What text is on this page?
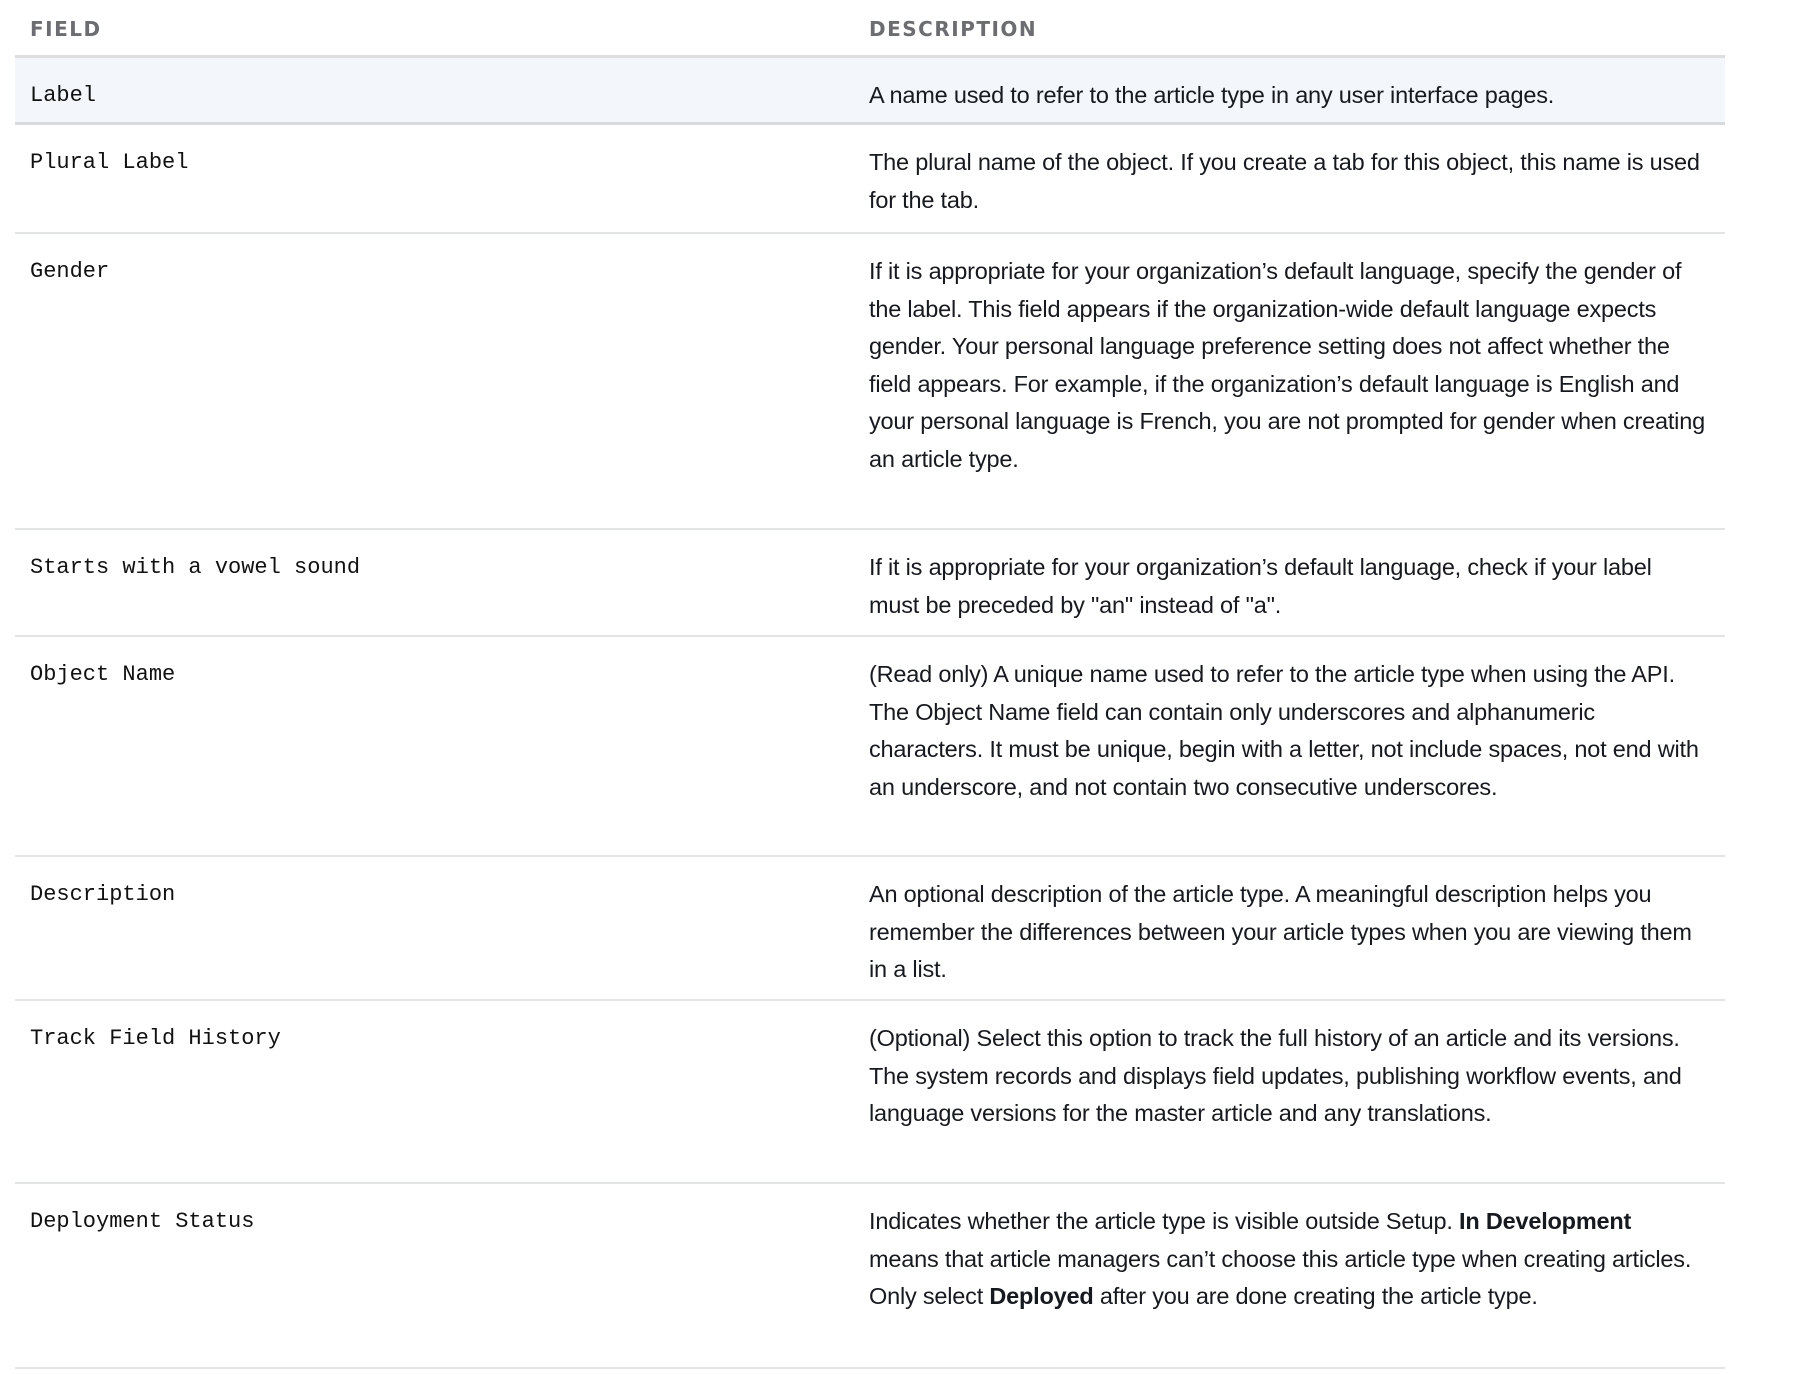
FIELD	DESCRIPTION
Label	A name used to refer to the article type in any user interface pages.
Plural Label	The plural name of the object. If you create a tab for this object, this name is used for the tab.
Gender	If it is appropriate for your organization’s default language, specify the gender of the label. This field appears if the organization-wide default language expects gender. Your personal language preference setting does not affect whether the field appears. For example, if the organization’s default language is English and your personal language is French, you are not prompted for gender when creating an article type.
Starts with a vowel sound	If it is appropriate for your organization’s default language, check if your label must be preceded by "an" instead of "a".
Object Name	(Read only) A unique name used to refer to the article type when using the API. The Object Name field can contain only underscores and alphanumeric characters. It must be unique, begin with a letter, not include spaces, not end with an underscore, and not contain two consecutive underscores.
Description	An optional description of the article type. A meaningful description helps you remember the differences between your article types when you are viewing them in a list.
Track Field History	(Optional) Select this option to track the full history of an article and its versions. The system records and displays field updates, publishing workflow events, and language versions for the master article and any translations.
Deployment Status	Indicates whether the article type is visible outside Setup. In Development means that article managers can’t choose this article type when creating articles. Only select Deployed after you are done creating the article type.
